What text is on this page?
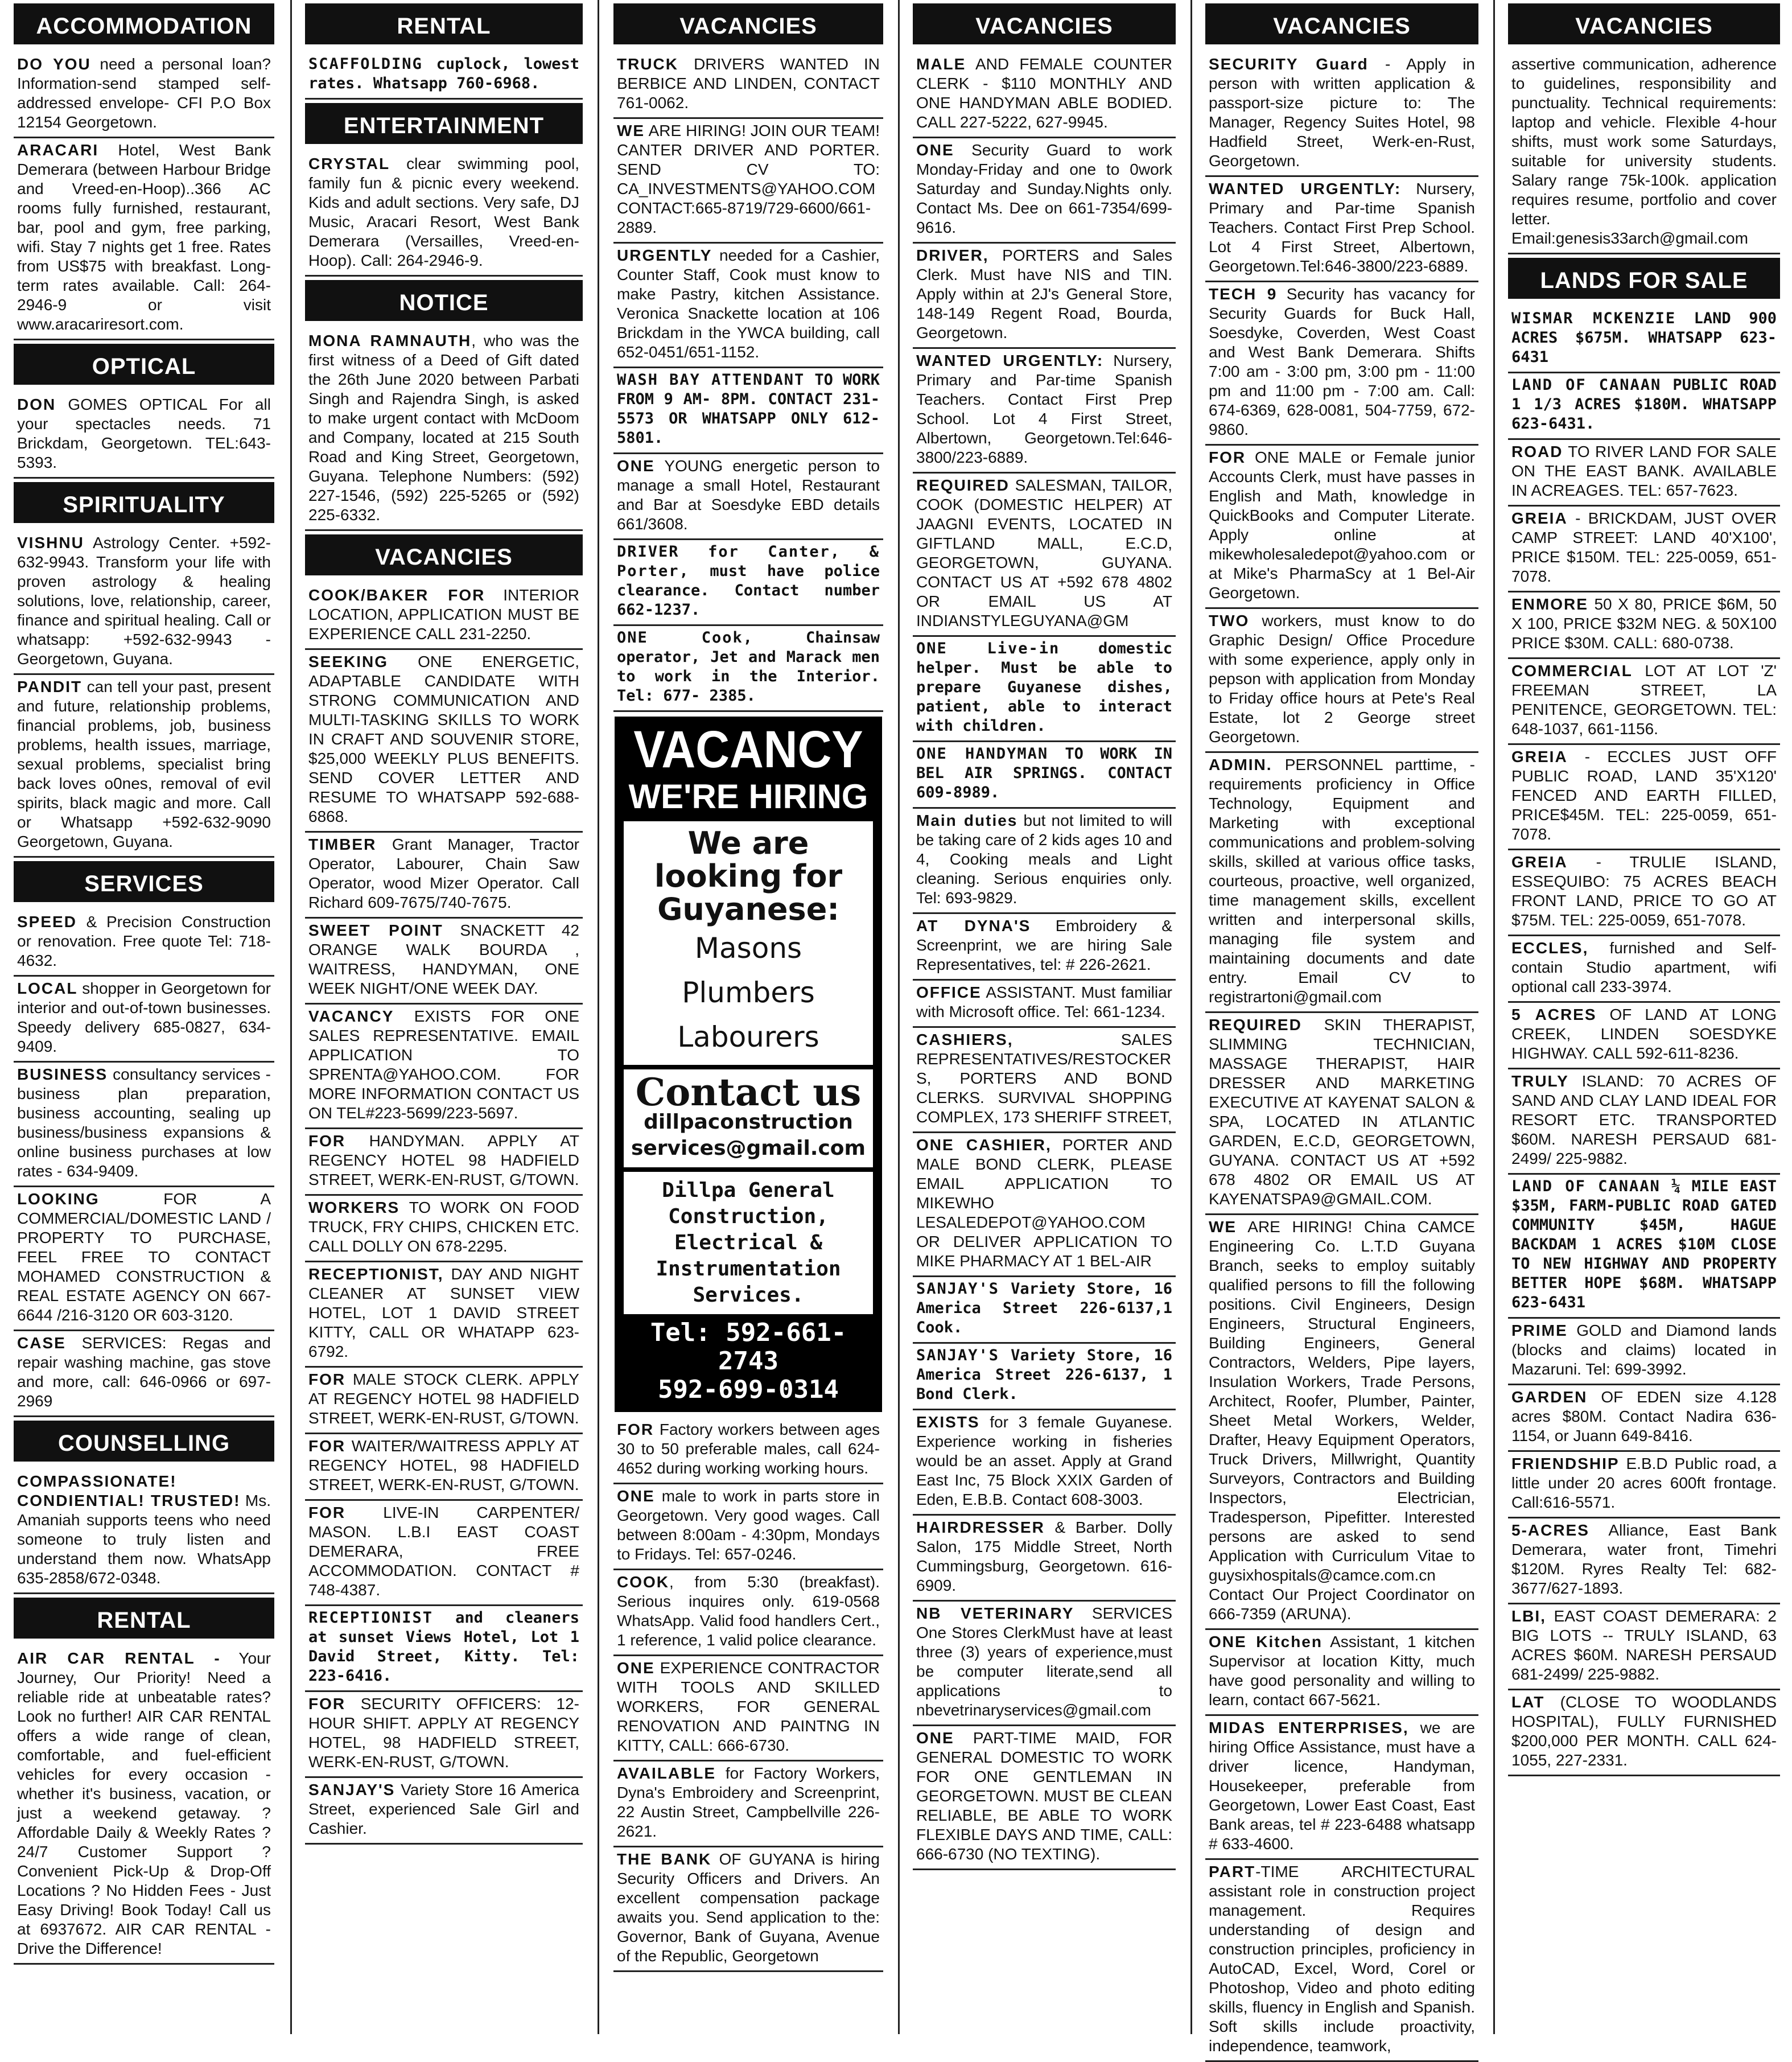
ACCOMMODATION
DO YOU need a personal loan? Information-send stamped self-addressed envelope- CFI P.O Box 12154 Georgetown.
ARACARI Hotel, West Bank Demerara (between Harbour Bridge and Vreed-en-Hoop)..366 AC rooms fully furnished, restaurant, bar, pool and gym, free parking, wifi. Stay 7 nights get 1 free. Rates from US$75 with breakfast. Long-term rates available. Call: 264-2946-9 or visit www.aracariresort.com.
OPTICAL
DON GOMES OPTICAL For all your spectacles needs. 71 Brickdam, Georgetown. TEL:643-5393.
SPIRITUALITY
VISHNU Astrology Center. +592-632-9943. Transform your life with proven astrology & healing solutions, love, relationship, career, finance and spiritual healing. Call or whatsapp: +592-632-9943 - Georgetown, Guyana.
PANDIT can tell your past, present and future, relationship problems, financial problems, job, business problems, health issues, marriage, sexual problems, specialist bring back loves o0nes, removal of evil spirits, black magic and more. Call or Whatsapp +592-632-9090 Georgetown, Guyana.
SERVICES
SPEED & Precision Construction or renovation. Free quote Tel: 718-4632.
LOCAL shopper in Georgetown for interior and out-of-town businesses. Speedy delivery 685-0827, 634-9409.
BUSINESS consultancy services - business plan preparation, business accounting, sealing up business/business expansions & online business purchases at low rates - 634-9409.
LOOKING FOR A COMMERCIAL/DOMESTIC LAND / PROPERTY TO PURCHASE, FEEL FREE TO CONTACT MOHAMED CONSTRUCTION & REAL ESTATE AGENCY ON 667-6644 /216-3120 OR 603-3120.
CASE SERVICES: Regas and repair washing machine, gas stove and more, call: 646-0966 or 697-2969
COUNSELLING
COMPASSIONATE! CONDIENTIAL! TRUSTED! Ms. Amaniah supports teens who need someone to truly listen and understand them now. WhatsApp 635-2858/672-0348.
RENTAL
AIR CAR RENTAL - Your Journey, Our Priority! Need a reliable ride at unbeatable rates? Look no further! AIR CAR RENTAL offers a wide range of clean, comfortable, and fuel-efficient vehicles for every occasion - whether it's business, vacation, or just a weekend getaway. ? Affordable Daily & Weekly Rates ? 24/7 Customer Support ? Convenient Pick-Up & Drop-Off Locations ? No Hidden Fees - Just Easy Driving! Book Today! Call us at 6937672. AIR CAR RENTAL - Drive the Difference!
RENTAL
SCAFFOLDING cuplock, lowest rates. Whatsapp 760-6968.
ENTERTAINMENT
CRYSTAL clear swimming pool, family fun & picnic every weekend. Kids and adult sections. Very safe, DJ Music, Aracari Resort, West Bank Demerara (Versailles, Vreed-en-Hoop). Call: 264-2946-9.
NOTICE
MONA RAMNAUTH, who was the first witness of a Deed of Gift dated the 26th June 2020 between Parbati Singh and Rajendra Singh, is asked to make urgent contact with McDoom and Company, located at 215 South Road and King Street, Georgetown, Guyana. Telephone Numbers: (592) 227-1546, (592) 225-5265 or (592) 225-6332.
VACANCIES
COOK/BAKER FOR INTERIOR LOCATION, APPLICATION MUST BE EXPERIENCE CALL 231-2250.
SEEKING ONE ENERGETIC, ADAPTABLE CANDIDATE WITH STRONG COMMUNICATION AND MULTI-TASKING SKILLS TO WORK IN CRAFT AND SOUVENIR STORE, $25,000 WEEKLY PLUS BENEFITS. SEND COVER LETTER AND RESUME TO WHATSAPP 592-688-6868.
TIMBER Grant Manager, Tractor Operator, Labourer, Chain Saw Operator, wood Mizer Operator. Call Richard 609-7675/740-7675.
SWEET POINT SNACKETT 42 ORANGE WALK BOURDA , WAITRESS, HANDYMAN, ONE WEEK NIGHT/ONE WEEK DAY.
VACANCY EXISTS FOR ONE SALES REPRESENTATIVE. EMAIL APPLICATION TO SPRENTA@YAHOO.COM. FOR MORE INFORMATION CONTACT US ON TEL#223-5699/223-5697.
FOR HANDYMAN. APPLY AT REGENCY HOTEL 98 HADFIELD STREET, WERK-EN-RUST, G/TOWN.
WORKERS TO WORK ON FOOD TRUCK, FRY CHIPS, CHICKEN ETC. CALL DOLLY ON 678-2295.
RECEPTIONIST, DAY AND NIGHT CLEANER AT SUNSET VIEW HOTEL, LOT 1 DAVID STREET KITTY, CALL OR WHATAPP 623-6792.
FOR MALE STOCK CLERK. APPLY AT REGENCY HOTEL 98 HADFIELD STREET, WERK-EN-RUST, G/TOWN.
FOR WAITER/WAITRESS APPLY AT REGENCY HOTEL, 98 HADFIELD STREET, WERK-EN-RUST, G/TOWN.
FOR LIVE-IN CARPENTER/ MASON. L.B.I EAST COAST DEMERARA, FREE ACCOMMODATION. CONTACT # 748-4387.
RECEPTIONIST and cleaners at sunset Views Hotel, Lot 1 David Street, Kitty. Tel: 223-6416.
FOR SECURITY OFFICERS: 12-HOUR SHIFT. APPLY AT REGENCY HOTEL, 98 HADFIELD STREET, WERK-EN-RUST, G/TOWN.
SANJAY'S Variety Store 16 America Street, experienced Sale Girl and Cashier.
VACANCIES
TRUCK DRIVERS WANTED IN BERBICE AND LINDEN, CONTACT 761-0062.
WE ARE HIRING! JOIN OUR TEAM! CANTER DRIVER AND PORTER. SEND CV TO: CA_INVESTMENTS@YAHOO.COM CONTACT:665-8719/729-6600/661-2889.
URGENTLY needed for a Cashier, Counter Staff, Cook must know to make Pastry, kitchen Assistance. Veronica Snackette location at 106 Brickdam in the YWCA building, call 652-0451/651-1152.
WASH BAY ATTENDANT TO WORK FROM 9 AM- 8PM. CONTACT 231-5573 OR WHATSAPP ONLY 612-5801.
ONE YOUNG energetic person to manage a small Hotel, Restaurant and Bar at Soesdyke EBD details 661/3608.
DRIVER for Canter, & Porter, must have police clearance. Contact number 662-1237.
ONE Cook, Chainsaw operator, Jet and Marack men to work in the Interior. Tel: 677- 2385.
VACANCY
WE'RE HIRING
We are looking for Guyanese:
Masons
Plumbers
Labourers
Contact us
dillpaconstruction
services@gmail.com
Dillpa General Construction, Electrical & Instrumentation Services.
Tel: 592-661-2743
592-699-0314
FOR Factory workers between ages 30 to 50 preferable males, call 624-4652 during working working hours.
ONE male to work in parts store in Georgetown. Very good wages. Call between 8:00am - 4:30pm, Mondays to Fridays. Tel: 657-0246.
COOK, from 5:30 (breakfast). Serious inquires only. 619-0568 WhatsApp. Valid food handlers Cert., 1 reference, 1 valid police clearance.
ONE EXPERIENCE CONTRACTOR WITH TOOLS AND SKILLED WORKERS, FOR GENERAL RENOVATION AND PAINTNG IN KITTY, CALL: 666-6730.
AVAILABLE for Factory Workers, Dyna's Embroidery and Screenprint, 22 Austin Street, Campbellville 226-2621.
THE BANK OF GUYANA is hiring Security Officers and Drivers. An excellent compensation package awaits you. Send application to the: Governor, Bank of Guyana, Avenue of the Republic, Georgetown
VACANCIES
MALE AND FEMALE COUNTER CLERK - $110 MONTHLY AND ONE HANDYMAN ABLE BODIED. CALL 227-5222, 627-9945.
ONE Security Guard to work Monday-Friday and one to 0work Saturday and Sunday.Nights only. Contact Ms. Dee on 661-7354/699-9616.
DRIVER, PORTERS and Sales Clerk. Must have NIS and TIN. Apply within at 2J's General Store, 148-149 Regent Road, Bourda, Georgetown.
WANTED URGENTLY: Nursery, Primary and Par-time Spanish Teachers. Contact First Prep School. Lot 4 First Street, Albertown, Georgetown.Tel:646-3800/223-6889.
REQUIRED SALESMAN, TAILOR, COOK (DOMESTIC HELPER) AT JAAGNI EVENTS, LOCATED IN GIFTLAND MALL, E.C.D, GEORGETOWN, GUYANA. CONTACT US AT +592 678 4802 OR EMAIL US AT INDIANSTYLEGUYANA@GM
ONE Live-in domestic helper. Must be able to prepare Guyanese dishes, patient, able to interact with children.
ONE HANDYMAN TO WORK IN BEL AIR SPRINGS. CONTACT 609-8989.
Main duties but not limited to will be taking care of 2 kids ages 10 and 4, Cooking meals and Light cleaning. Serious enquiries only. Tel: 693-9829.
AT DYNA'S Embroidery & Screenprint, we are hiring Sale Representatives, tel: # 226-2621.
OFFICE ASSISTANT. Must familiar with Microsoft office. Tel: 661-1234.
CASHIERS, SALES REPRESENTATIVES/RESTOCKERS, PORTERS AND BOND CLERKS. SURVIVAL SHOPPING COMPLEX, 173 SHERIFF STREET,
ONE CASHIER, PORTER AND MALE BOND CLERK, PLEASE EMAIL APPLICATION TO MIKEWHO LESALEDEPOT@YAHOO.COM OR DELIVER APPLICATION TO MIKE PHARMACY AT 1 BEL-AIR
SANJAY'S Variety Store, 16 America Street 226-6137,1 Cook.
SANJAY'S Variety Store, 16 America Street 226-6137, 1 Bond Clerk.
EXISTS for 3 female Guyanese. Experience working in fisheries would be an asset. Apply at Grand East Inc, 75 Block XXIX Garden of Eden, E.B.B. Contact 608-3003.
HAIRDRESSER & Barber. Dolly Salon, 175 Middle Street, North Cummingsburg, Georgetown. 616-6909.
NB VETERINARY SERVICES One Stores ClerkMust have at least three (3) years of experience,must be computer literate,send all applications to nbevetrinaryservices@gmail.com
ONE PART-TIME MAID, FOR GENERAL DOMESTIC TO WORK FOR ONE GENTLEMAN IN GEORGETOWN. MUST BE CLEAN RELIABLE, BE ABLE TO WORK FLEXIBLE DAYS AND TIME, CALL: 666-6730 (NO TEXTING).
VACANCIES
SECURITY Guard - Apply in person with written application & passport-size picture to: The Manager, Regency Suites Hotel, 98 Hadfield Street, Werk-en-Rust, Georgetown.
WANTED URGENTLY: Nursery, Primary and Par-time Spanish Teachers. Contact First Prep School. Lot 4 First Street, Albertown, Georgetown.Tel:646-3800/223-6889.
TECH 9 Security has vacancy for Security Guards for Buck Hall, Soesdyke, Coverden, West Coast and West Bank Demerara. Shifts 7:00 am - 3:00 pm, 3:00 pm - 11:00 pm and 11:00 pm - 7:00 am. Call: 674-6369, 628-0081, 504-7759, 672-9860.
FOR ONE MALE or Female junior Accounts Clerk, must have passes in English and Math, knowledge in QuickBooks and Computer Literate. Apply online at mikewholesaledepot@yahoo.com or at Mike's PharmaScy at 1 Bel-Air Georgetown.
TWO workers, must know to do Graphic Design/ Office Procedure with some experience, apply only in pepson with application from Monday to Friday office hours at Pete's Real Estate, lot 2 George street Georgetown.
ADMIN. PERSONNEL parttime, - requirements proficiency in Office Technology, Equipment and Marketing with exceptional communications and problem-solving skills, skilled at various office tasks, courteous, proactive, well organized, time management skills, excellent written and interpersonal skills, managing file system and maintaining documents and date entry. Email CV to registrartoni@gmail.com
REQUIRED SKIN THERAPIST, SLIMMING TECHNICIAN, MASSAGE THERAPIST, HAIR DRESSER AND MARKETING EXECUTIVE AT KAYENAT SALON & SPA, LOCATED IN ATLANTIC GARDEN, E.C.D, GEORGETOWN, GUYANA. CONTACT US AT +592 678 4802 OR EMAIL US AT KAYENATSPA9@GMAIL.COM.
WE ARE HIRING! China CAMCE Engineering Co. L.T.D Guyana Branch, seeks to employ suitably qualified persons to fill the following positions. Civil Engineers, Design Engineers, Structural Engineers, Building Engineers, General Contractors, Welders, Pipe layers, Insulation Workers, Trade Persons, Architect, Roofer, Plumber, Painter, Sheet Metal Workers, Welder, Drafter, Heavy Equipment Operators, Truck Drivers, Millwright, Quantity Surveyors, Contractors and Building Inspectors, Electrician, Tradesperson, Pipefitter. Interested persons are asked to send Application with Curriculum Vitae to guysixhospitals@camce.com.cn Contact Our Project Coordinator on 666-7359 (ARUNA).
ONE Kitchen Assistant, 1 kitchen Supervisor at location Kitty, much have good personality and willing to learn, contact 667-5621.
MIDAS ENTERPRISES, we are hiring Office Assistance, must have a driver licence, Handyman, Housekeeper, preferable from Georgetown, Lower East Coast, East Bank areas, tel # 223-6488 whatsapp # 633-4600.
PART-TIME ARCHITECTURAL assistant role in construction project management. Requires understanding of design and construction principles, proficiency in AutoCAD, Excel, Word, Corel or Photoshop, Video and photo editing skills, fluency in English and Spanish. Soft skills include proactivity, independence, teamwork,
VACANCIES
assertive communication, adherence to guidelines, responsibility and punctuality. Technical requirements: laptop and vehicle. Flexible 4-hour shifts, must work some Saturdays, suitable for university students. Salary range 75k-100k. application requires resume, portfolio and cover letter. Email:genesis33arch@gmail.com
LANDS FOR SALE
WISMAR MCKENZIE LAND 900 ACRES $675M. WHATSAPP 623-6431
LAND OF CANAAN PUBLIC ROAD 1 1/3 ACRES $180M. WHATSAPP 623-6431.
ROAD TO RIVER LAND FOR SALE ON THE EAST BANK. AVAILABLE IN ACREAGES. TEL: 657-7623.
GREIA - BRICKDAM, JUST OVER CAMP STREET: LAND 40'X100', PRICE $150M. TEL: 225-0059, 651-7078.
ENMORE 50 X 80, PRICE $6M, 50 X 100, PRICE $32M NEG. & 50X100 PRICE $30M. CALL: 680-0738.
COMMERCIAL LOT AT LOT 'Z' FREEMAN STREET, LA PENITENCE, GEORGETOWN. TEL: 648-1037, 661-1156.
GREIA - ECCLES JUST OFF PUBLIC ROAD, LAND 35'X120' FENCED AND EARTH FILLED, PRICE$45M. TEL: 225-0059, 651-7078.
GREIA - TRULIE ISLAND, ESSEQUIBO: 75 ACRES BEACH FRONT LAND, PRICE TO GO AT $75M. TEL: 225-0059, 651-7078.
ECCLES, furnished and Self-contain Studio apartment, wifi optional call 233-3974.
5 ACRES OF LAND AT LONG CREEK, LINDEN SOESDYKE HIGHWAY. CALL 592-611-8236.
TRULY ISLAND: 70 ACRES OF SAND AND CLAY LAND IDEAL FOR RESORT ETC. TRANSPORTED $60M. NARESH PERSAUD 681-2499/ 225-9882.
LAND OF CANAAN ¼ MILE EAST $35M, FARM-PUBLIC ROAD GATED COMMUNITY $45M, HAGUE BACKDAM 1 ACRES $10M CLOSE TO NEW HIGHWAY AND PROPERTY BETTER HOPE $68M. WHATSAPP 623-6431
PRIME GOLD and Diamond lands (blocks and claims) located in Mazaruni. Tel: 699-3992.
GARDEN OF EDEN size 4.128 acres $80M. Contact Nadira 636-1154, or Juann 649-8416.
FRIENDSHIP E.B.D Public road, a little under 20 acres 600ft frontage. Call:616-5571.
5-ACRES Alliance, East Bank Demerara, water front, Timehri $120M. Ryres Realty Tel: 682-3677/627-1893.
LBI, EAST COAST DEMERARA: 2 BIG LOTS -- TRULY ISLAND, 63 ACRES $60M. NARESH PERSAUD 681-2499/ 225-9882.
LAT (CLOSE TO WOODLANDS HOSPITAL), FULLY FURNISHED $200,000 PER MONTH. CALL 624-1055, 227-2331.
